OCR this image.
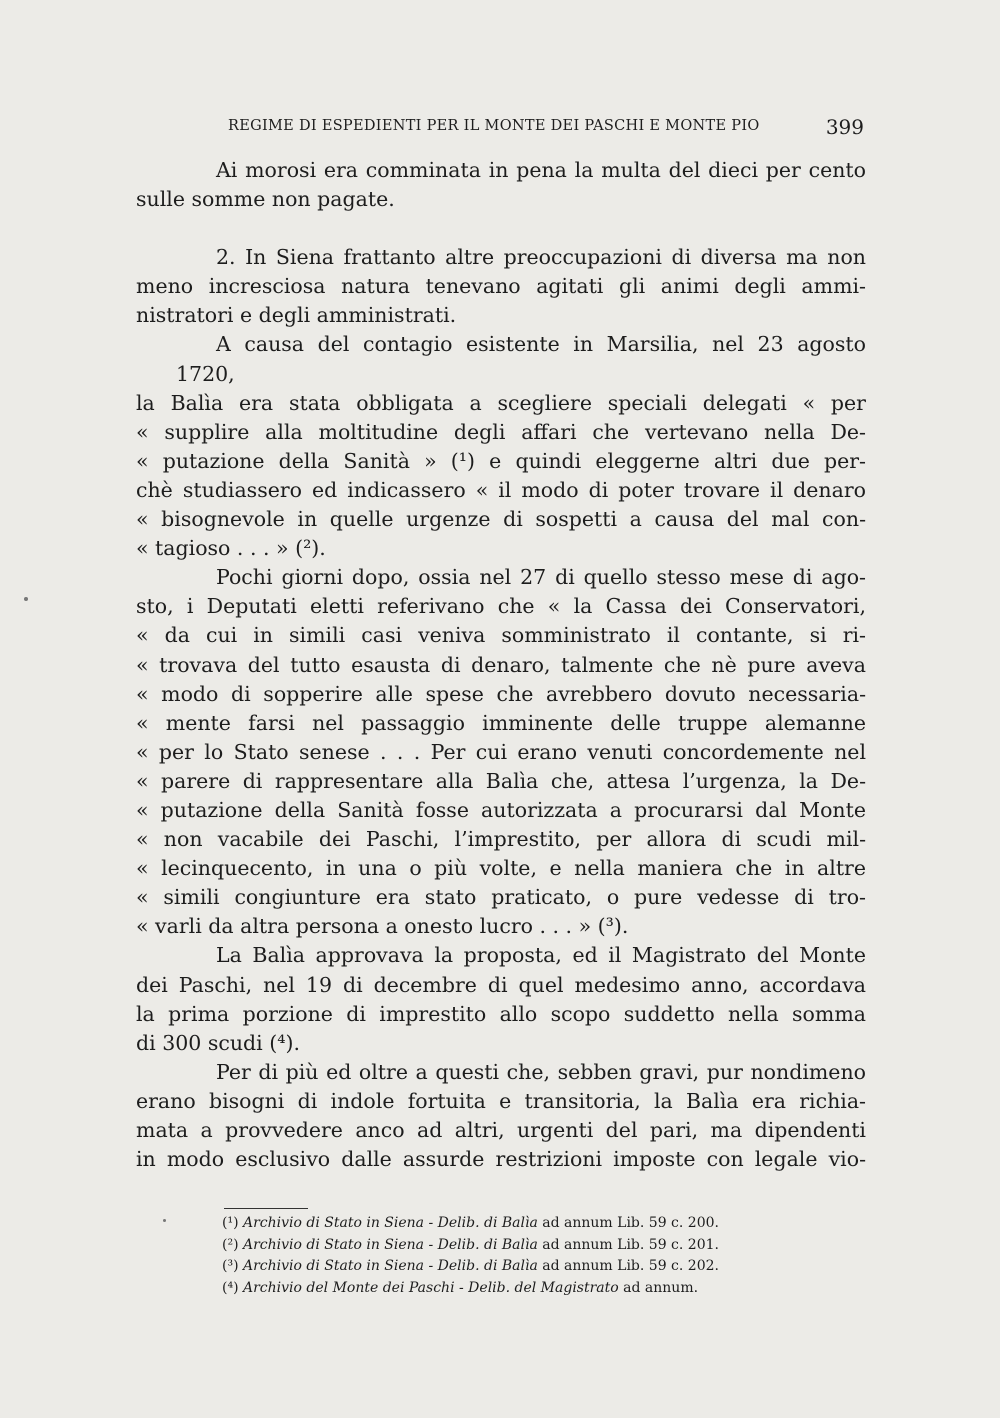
REGIME DI ESPEDIENTI PER IL MONTE DEI PASCHI E MONTE PIO	399

Ai morosi era comminata in pena la multa del dieci per cento
sulle somme non pagate.

2. In Siena frattanto altre preoccupazioni di diversa ma non
meno incresciosa natura tenevano agitati gli animi degli ammi-
nistratori e degli amministrati.

A causa del contagio esistente in Marsilia, nel 23 agosto 1720,
la Balìa era stata obbligata a scegliere speciali delegati « per
« supplire alla moltitudine degli affari che vertevano nella De-
« putazione della Sanità » (¹) e quindi eleggerne altri due per-
chè studiassero ed indicassero « il modo di poter trovare il denaro
« bisognevole in quelle urgenze di sospetti a causa del mal con-
« tagioso . . . » (²).

Pochi giorni dopo, ossia nel 27 di quello stesso mese di ago-
sto, i Deputati eletti referivano che « la Cassa dei Conservatori,
« da cui in simili casi veniva somministrato il contante, si ri-
« trovava del tutto esausta di denaro, talmente che nè pure aveva
« modo di sopperire alle spese che avrebbero dovuto necessaria-
« mente farsi nel passaggio imminente delle truppe alemanne
« per lo Stato senese . . . Per cui erano venuti concordemente nel
« parere di rappresentare alla Balìa che, attesa l’urgenza, la De-
« putazione della Sanità fosse autorizzata a procurarsi dal Monte
« non vacabile dei Paschi, l’imprestito, per allora di scudi mil-
« lecinquecento, in una o più volte, e nella maniera che in altre
« simili congiunture era stato praticato, o pure vedesse di tro-
« varli da altra persona a onesto lucro . . . » (³).

La Balìa approvava la proposta, ed il Magistrato del Monte
dei Paschi, nel 19 di decembre di quel medesimo anno, accordava
la prima porzione di imprestito allo scopo suddetto nella somma
di 300 scudi (⁴).

Per di più ed oltre a questi che, sebben gravi, pur nondimeno
erano bisogni di indole fortuita e transitoria, la Balìa era richia-
mata a provvedere anco ad altri, urgenti del pari, ma dipendenti
in modo esclusivo dalle assurde restrizioni imposte con legale vio-

(¹) Archivio di Stato in Siena - Delib. di Balìa ad annum Lib. 59 c. 200.
(²) Archivio di Stato in Siena - Delib. di Balìa ad annum Lib. 59 c. 201.
(³) Archivio di Stato in Siena - Delib. di Balìa ad annum Lib. 59 c. 202.
(⁴) Archivio del Monte dei Paschi - Delib. del Magistrato ad annum.
